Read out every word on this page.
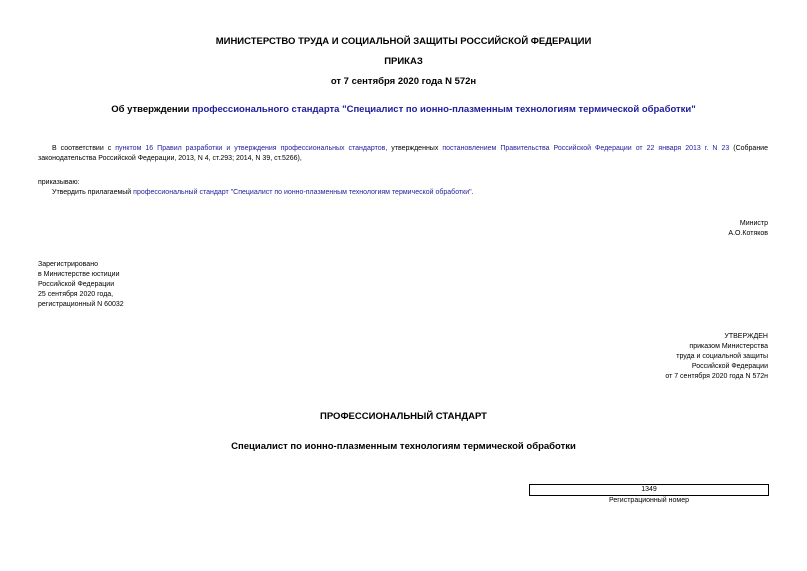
МИНИСТЕРСТВО ТРУДА И СОЦИАЛЬНОЙ ЗАЩИТЫ РОССИЙСКОЙ ФЕДЕРАЦИИ
ПРИКАЗ
от 7 сентября 2020 года N 572н
Об утверждении профессионального стандарта "Специалист по ионно-плазменным технологиям термической обработки"
В соответствии с пунктом 16 Правил разработки и утверждения профессиональных стандартов, утвержденных постановлением Правительства Российской Федерации от 22 января 2013 г. N 23 (Собрание законодательства Российской Федерации, 2013, N 4, ст.293; 2014, N 39, ст.5266),
приказываю:
Утвердить прилагаемый профессиональный стандарт "Специалист по ионно-плазменным технологиям термической обработки".
Министр
А.О.Котяков
Зарегистрировано
в Министерстве юстиции
Российской Федерации
25 сентября 2020 года,
регистрационный N 60032
УТВЕРЖДЕН
приказом Министерства
труда и социальной защиты
Российской Федерации
от 7 сентября 2020 года N 572н
ПРОФЕССИОНАЛЬНЫЙ СТАНДАРТ
Специалист по ионно-плазменным технологиям термической обработки
1349
Регистрационный номер
